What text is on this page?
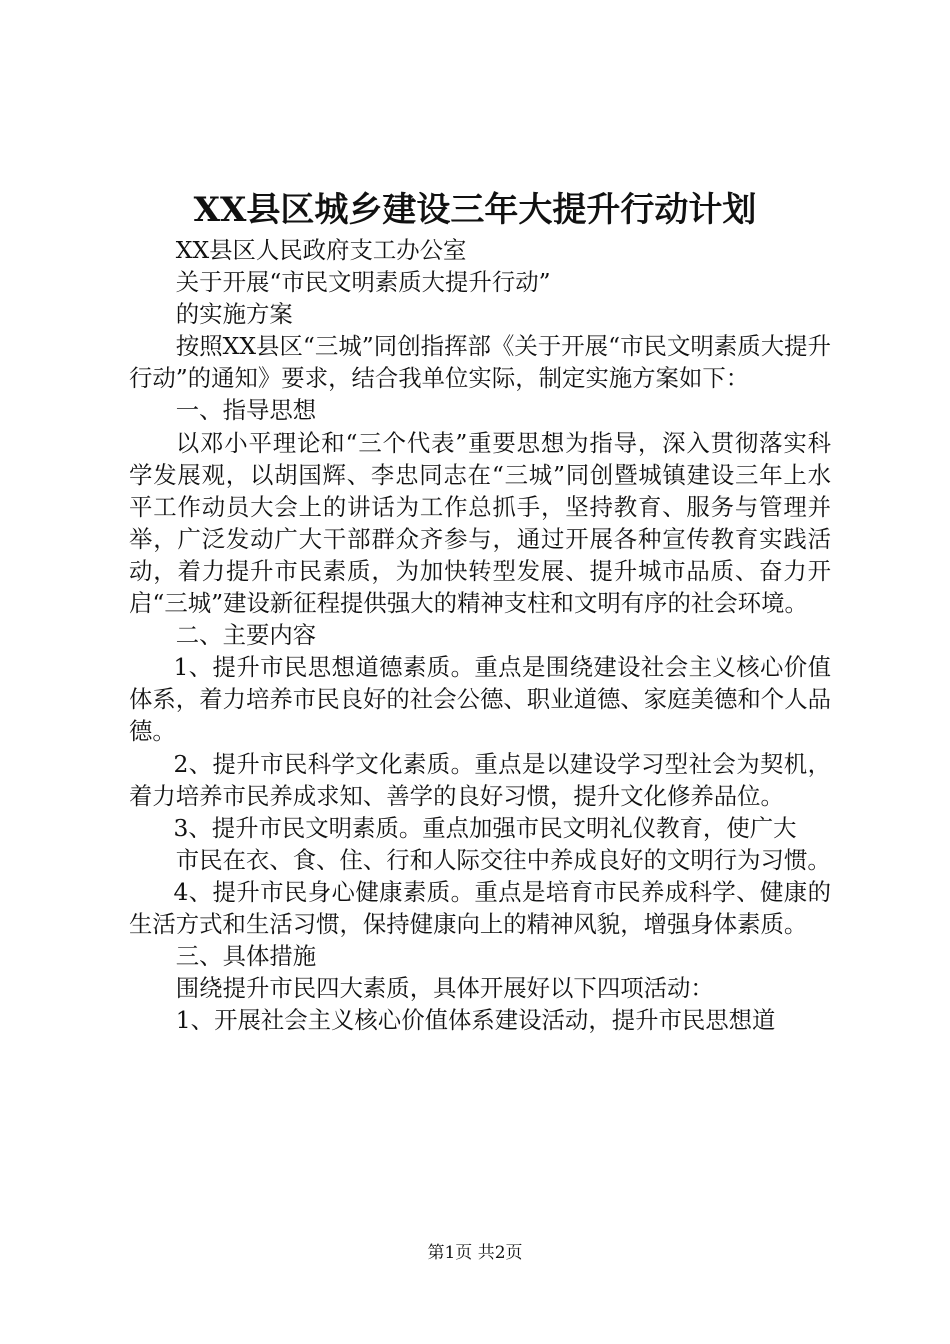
XX县区城乡建设三年大提升行动计划

XX县区人民政府支工办公室

关于开展“市民文明素质大提升行动”

的实施方案

按照XX县区“三城”同创指挥部《关于开展“市民文明素质大提升行动”的通知》要求，结合我单位实际，制定实施方案如下：

一、指导思想

以邓小平理论和“三个代表”重要思想为指导，深入贯彻落实科学发展观，以胡国辉、李忠同志在“三城”同创暨城镇建设三年上水平工作动员大会上的讲话为工作总抓手，坚持教育、服务与管理并举，广泛发动广大干部群众齐参与，通过开展各种宣传教育实践活动，着力提升市民素质，为加快转型发展、提升城市品质、奋力开启“三城”建设新征程提供强大的精神支柱和文明有序的社会环境。

二、主要内容

1、提升市民思想道德素质。重点是围绕建设社会主义核心价值体系，着力培养市民良好的社会公德、职业道德、家庭美德和个人品德。

2、提升市民科学文化素质。重点是以建设学习型社会为契机，着力培养市民养成求知、善学的良好习惯，提升文化修养品位。

3、提升市民文明素质。重点加强市民文明礼仪教育，使广大

市民在衣、食、住、行和人际交往中养成良好的文明行为习惯。

4、提升市民身心健康素质。重点是培育市民养成科学、健康的生活方式和生活习惯，保持健康向上的精神风貌，增强身体素质。

三、具体措施

围绕提升市民四大素质，具体开展好以下四项活动：

1、开展社会主义核心价值体系建设活动，提升市民思想道

第1页 共2页
